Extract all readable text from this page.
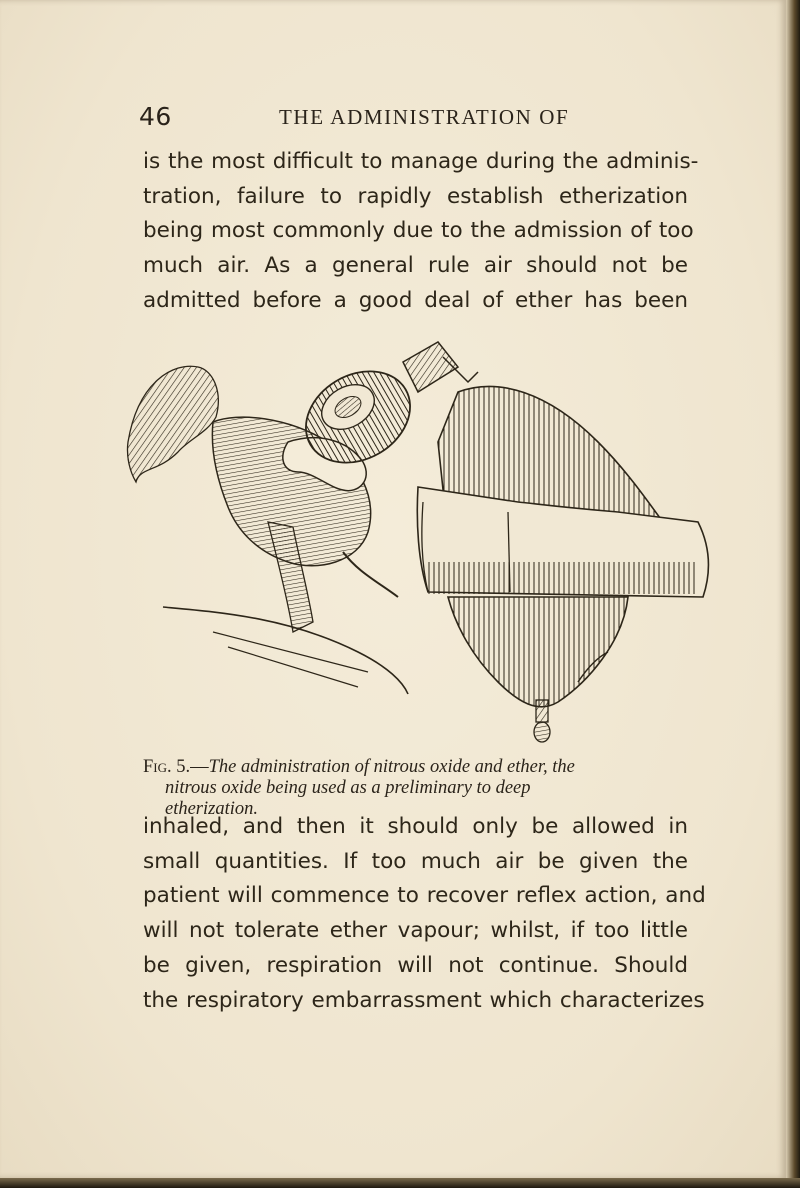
46	THE ADMINISTRATION OF
is the most difficult to manage during the adminis-
tration, failure to rapidly establish etherization
being most commonly due to the admission of too
much air. As a general rule air should not be
admitted before a good deal of ether has been
Fig. 5.—The administration of nitrous oxide and ether, the
nitrous oxide being used as a preliminary to deep
etherization.
inhaled, and then it should only be allowed in
small quantities. If too much air be given the
patient will commence to recover reflex action, and
will not tolerate ether vapour; whilst, if too little
be given, respiration will not continue. Should
the respiratory embarrassment which characterizes
